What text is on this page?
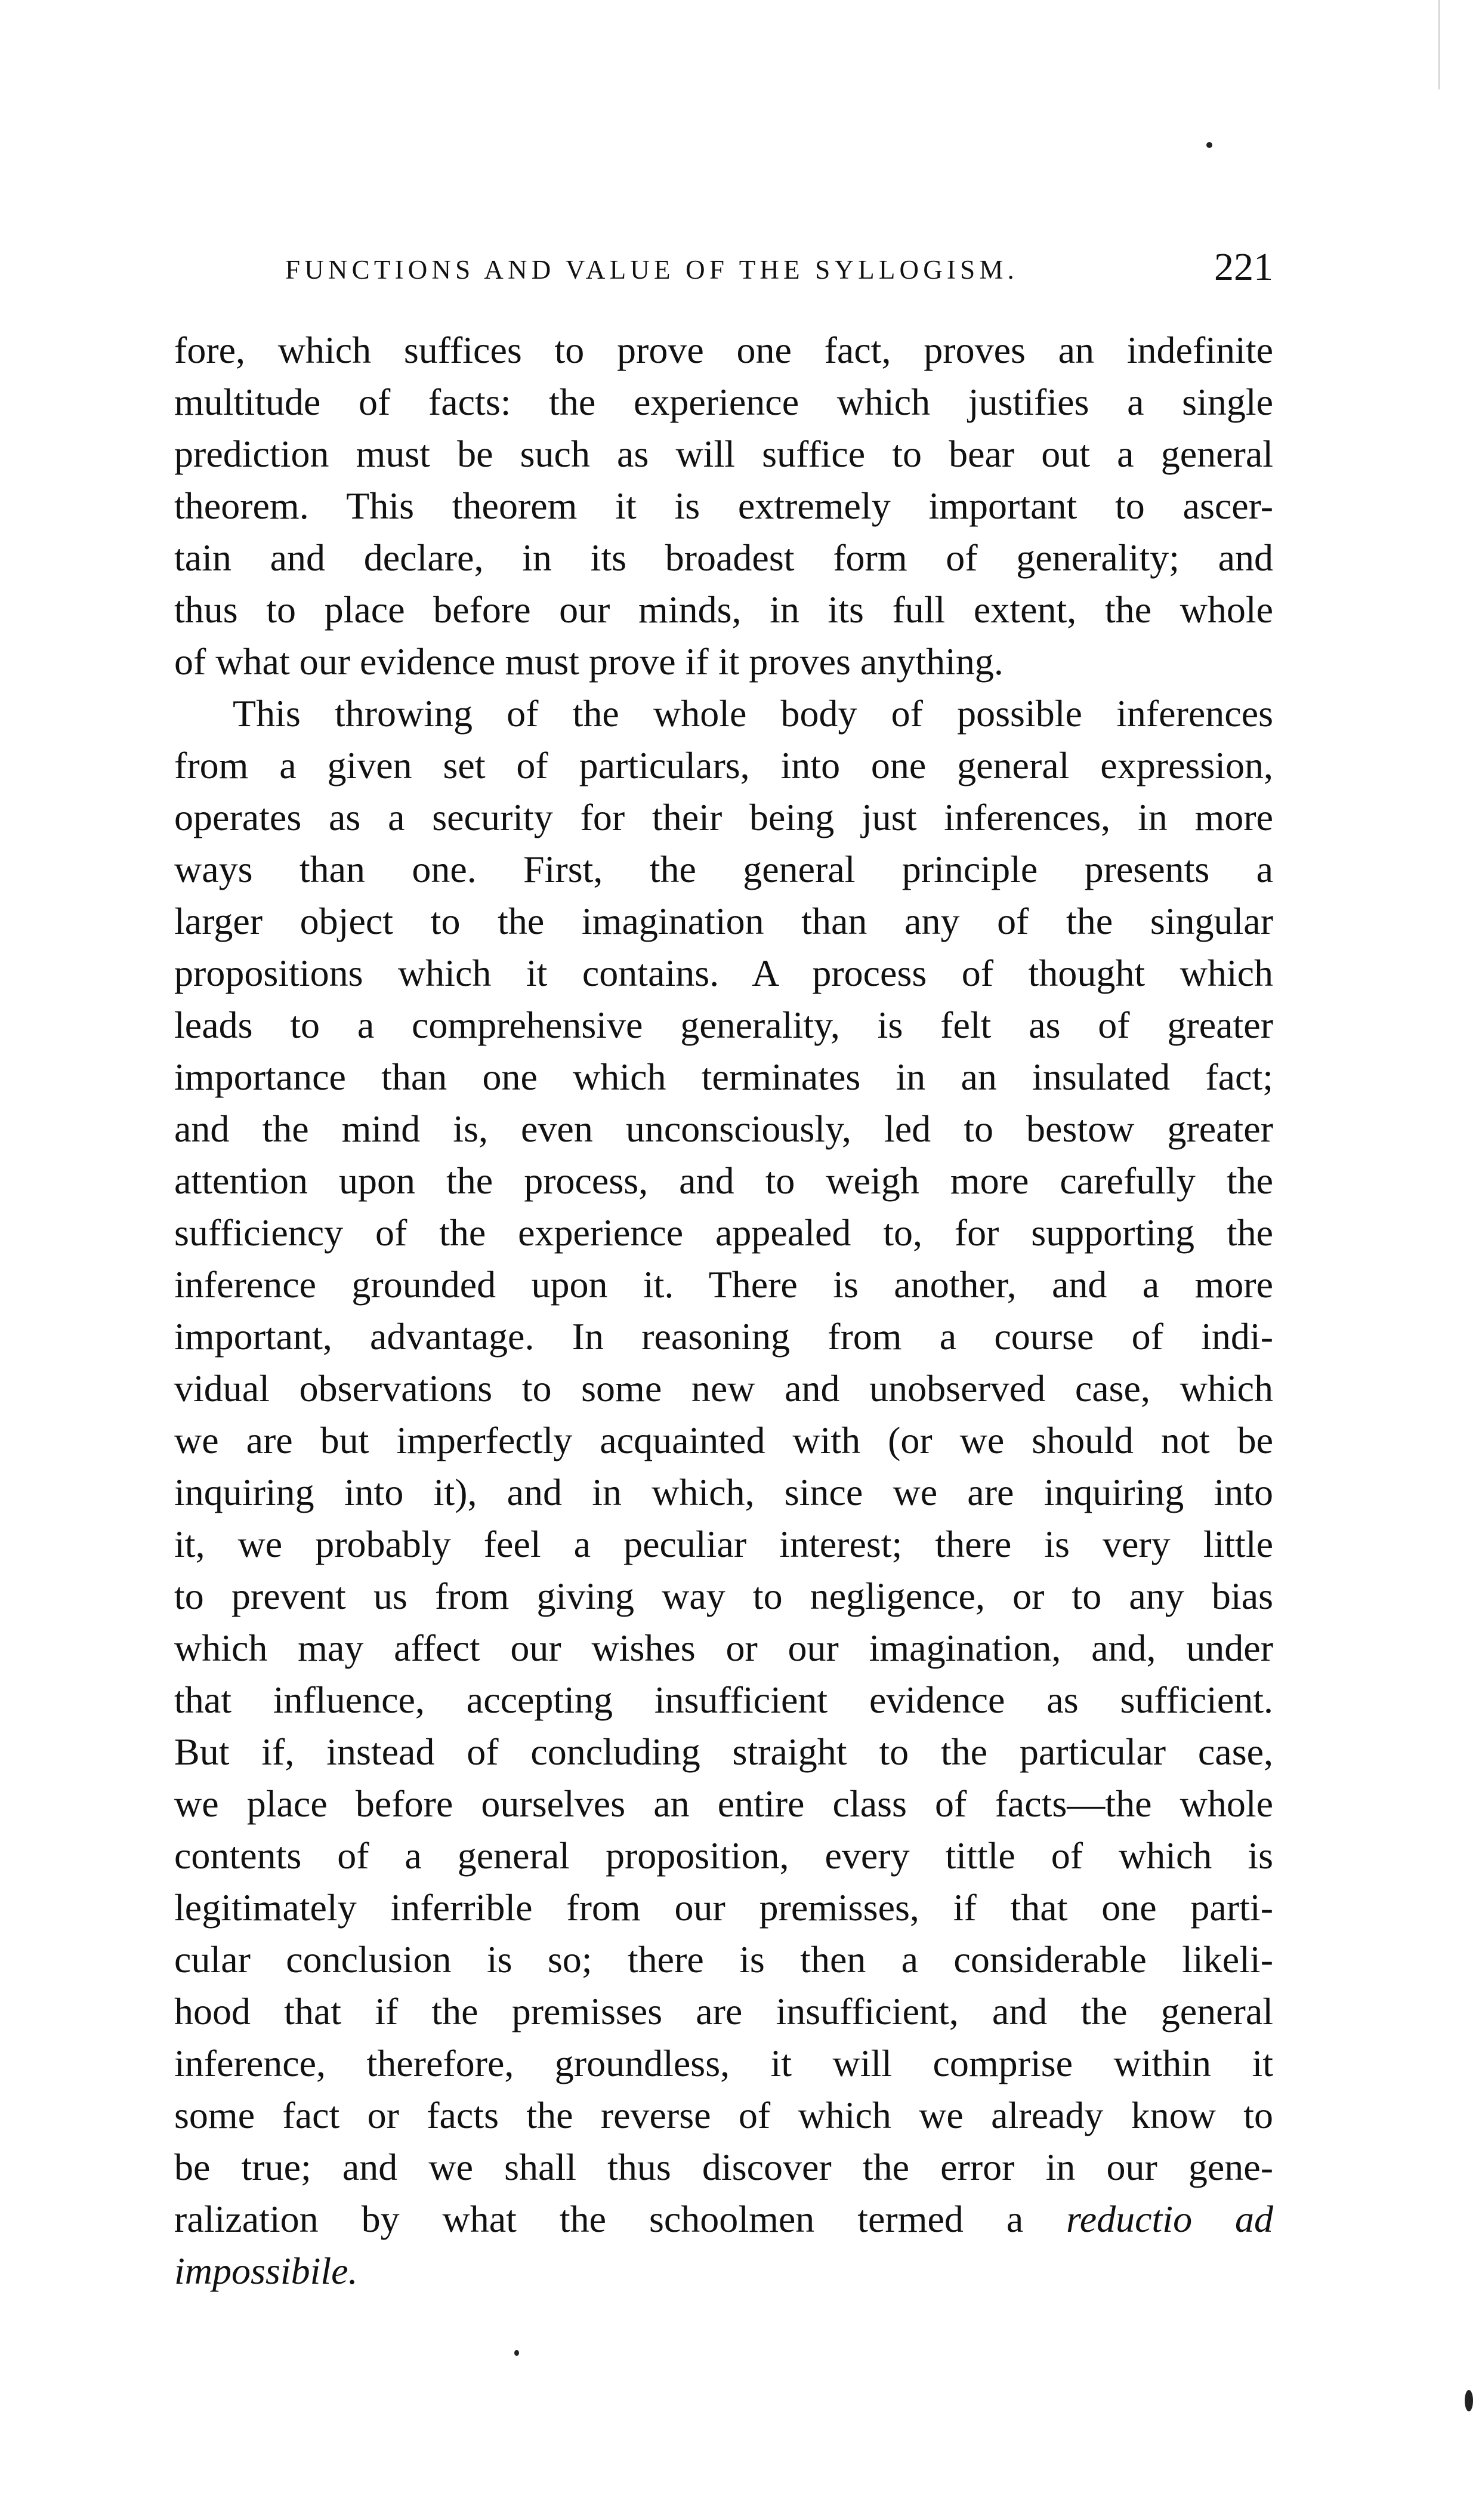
FUNCTIONS AND VALUE OF THE SYLLOGISM.	221
fore, which suffices to prove one fact, proves an indefinite
multitude of facts: the experience which justifies a single
prediction must be such as will suffice to bear out a general
theorem. This theorem it is extremely important to ascer-
tain and declare, in its broadest form of generality; and
thus to place before our minds, in its full extent, the whole
of what our evidence must prove if it proves anything.
This throwing of the whole body of possible inferences
from a given set of particulars, into one general expression,
operates as a security for their being just inferences, in more
ways than one. First, the general principle presents a
larger object to the imagination than any of the singular
propositions which it contains. A process of thought which
leads to a comprehensive generality, is felt as of greater
importance than one which terminates in an insulated fact;
and the mind is, even unconsciously, led to bestow greater
attention upon the process, and to weigh more carefully the
sufficiency of the experience appealed to, for supporting the
inference grounded upon it. There is another, and a more
important, advantage. In reasoning from a course of indi-
vidual observations to some new and unobserved case, which
we are but imperfectly acquainted with (or we should not be
inquiring into it), and in which, since we are inquiring into
it, we probably feel a peculiar interest; there is very little
to prevent us from giving way to negligence, or to any bias
which may affect our wishes or our imagination, and, under
that influence, accepting insufficient evidence as sufficient.
But if, instead of concluding straight to the particular case,
we place before ourselves an entire class of facts—the whole
contents of a general proposition, every tittle of which is
legitimately inferrible from our premisses, if that one parti-
cular conclusion is so; there is then a considerable likeli-
hood that if the premisses are insufficient, and the general
inference, therefore, groundless, it will comprise within it
some fact or facts the reverse of which we already know to
be true; and we shall thus discover the error in our gene-
ralization by what the schoolmen termed a reductio ad
impossibile.
